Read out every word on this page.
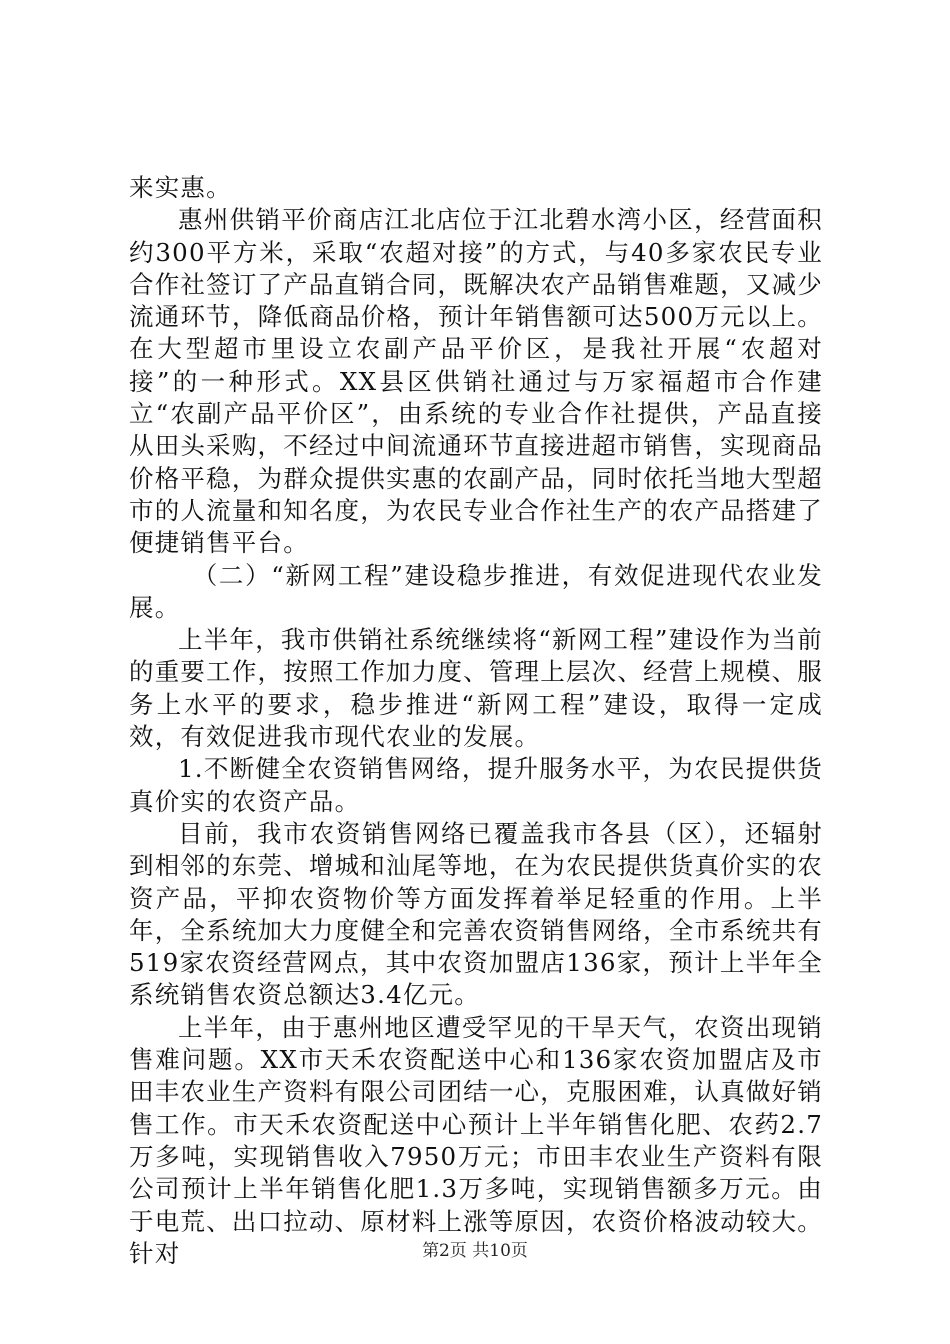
来实惠。

惠州供销平价商店江北店位于江北碧水湾小区，经营面积约300平方米，采取“农超对接”的方式，与40多家农民专业合作社签订了产品直销合同，既解决农产品销售难题，又减少流通环节，降低商品价格，预计年销售额可达500万元以上。在大型超市里设立农副产品平价区，是我社开展“农超对接”的一种形式。XX县区供销社通过与万家福超市合作建立“农副产品平价区”，由系统的专业合作社提供，产品直接从田头采购，不经过中间流通环节直接进超市销售，实现商品价格平稳，为群众提供实惠的农副产品，同时依托当地大型超市的人流量和知名度，为农民专业合作社生产的农产品搭建了便捷销售平台。

（二）“新网工程”建设稳步推进，有效促进现代农业发展。

上半年，我市供销社系统继续将“新网工程”建设作为当前的重要工作，按照工作加力度、管理上层次、经营上规模、服务上水平的要求，稳步推进“新网工程”建设，取得一定成效，有效促进我市现代农业的发展。

1.不断健全农资销售网络，提升服务水平，为农民提供货真价实的农资产品。

目前，我市农资销售网络已覆盖我市各县（区），还辐射到相邻的东莞、增城和汕尾等地，在为农民提供货真价实的农资产品，平抑农资物价等方面发挥着举足轻重的作用。上半年，全系统加大力度健全和完善农资销售网络，全市系统共有519家农资经营网点，其中农资加盟店136家，预计上半年全系统销售农资总额达3.4亿元。

上半年，由于惠州地区遭受罕见的干旱天气，农资出现销售难问题。XX市天禾农资配送中心和136家农资加盟店及市田丰农业生产资料有限公司团结一心，克服困难，认真做好销售工作。市天禾农资配送中心预计上半年销售化肥、农药2.7万多吨，实现销售收入7950万元；市田丰农业生产资料有限公司预计上半年销售化肥1.3万多吨，实现销售额多万元。由于电荒、出口拉动、原材料上涨等原因，农资价格波动较大。针对	第2页 共10页
